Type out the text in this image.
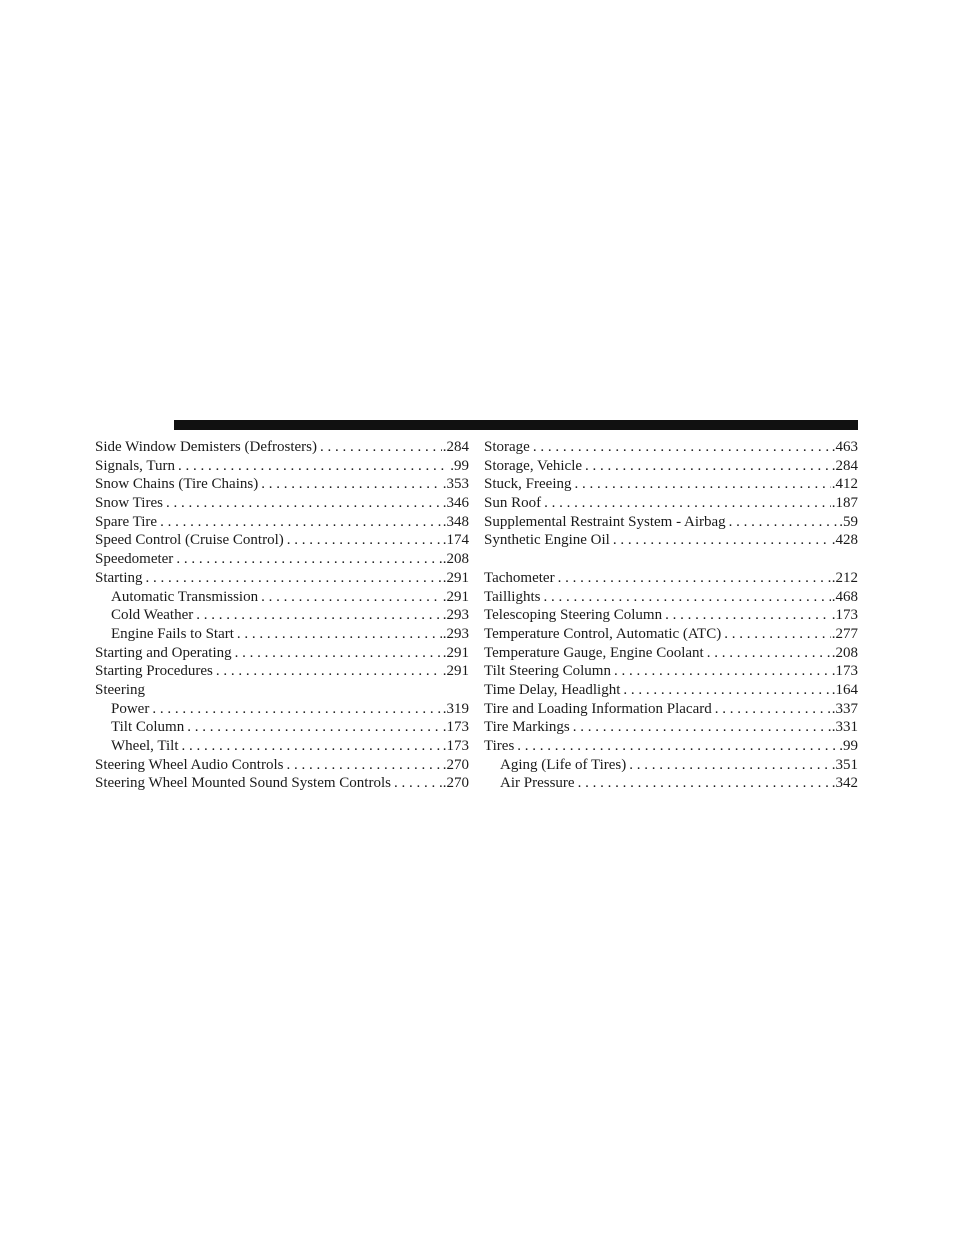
Side Window Demisters (Defrosters) . . .	.284
Signals, Turn . . .	.99
Snow Chains (Tire Chains) . . .	.353
Snow Tires . . .	.346
Spare Tire . . .	.348
Speed Control (Cruise Control) . . .	.174
Speedometer . . .	.208
Starting . . .	.291
Automatic Transmission . . .	.291
Cold Weather . . .	.293
Engine Fails to Start . . .	.293
Starting and Operating . . .	.291
Starting Procedures . . .	.291
Steering
Power . . .	.319
Tilt Column . . .	.173
Wheel, Tilt . . .	.173
Steering Wheel Audio Controls . . .	.270
Steering Wheel Mounted Sound System Controls . . .	.270
Storage . . .	.463
Storage, Vehicle . . .	.284
Stuck, Freeing . . .	.412
Sun Roof . . .	.187
Supplemental Restraint System - Airbag . . .	.59
Synthetic Engine Oil . . .	.428
Tachometer . . .	.212
Taillights . . .	.468
Telescoping Steering Column . . .	.173
Temperature Control, Automatic (ATC) . . .	.277
Temperature Gauge, Engine Coolant . . .	.208
Tilt Steering Column . . .	.173
Time Delay, Headlight . . .	.164
Tire and Loading Information Placard . . .	.337
Tire Markings . . .	.331
Tires . . .	.99
Aging (Life of Tires) . . .	.351
Air Pressure . . .	.342
